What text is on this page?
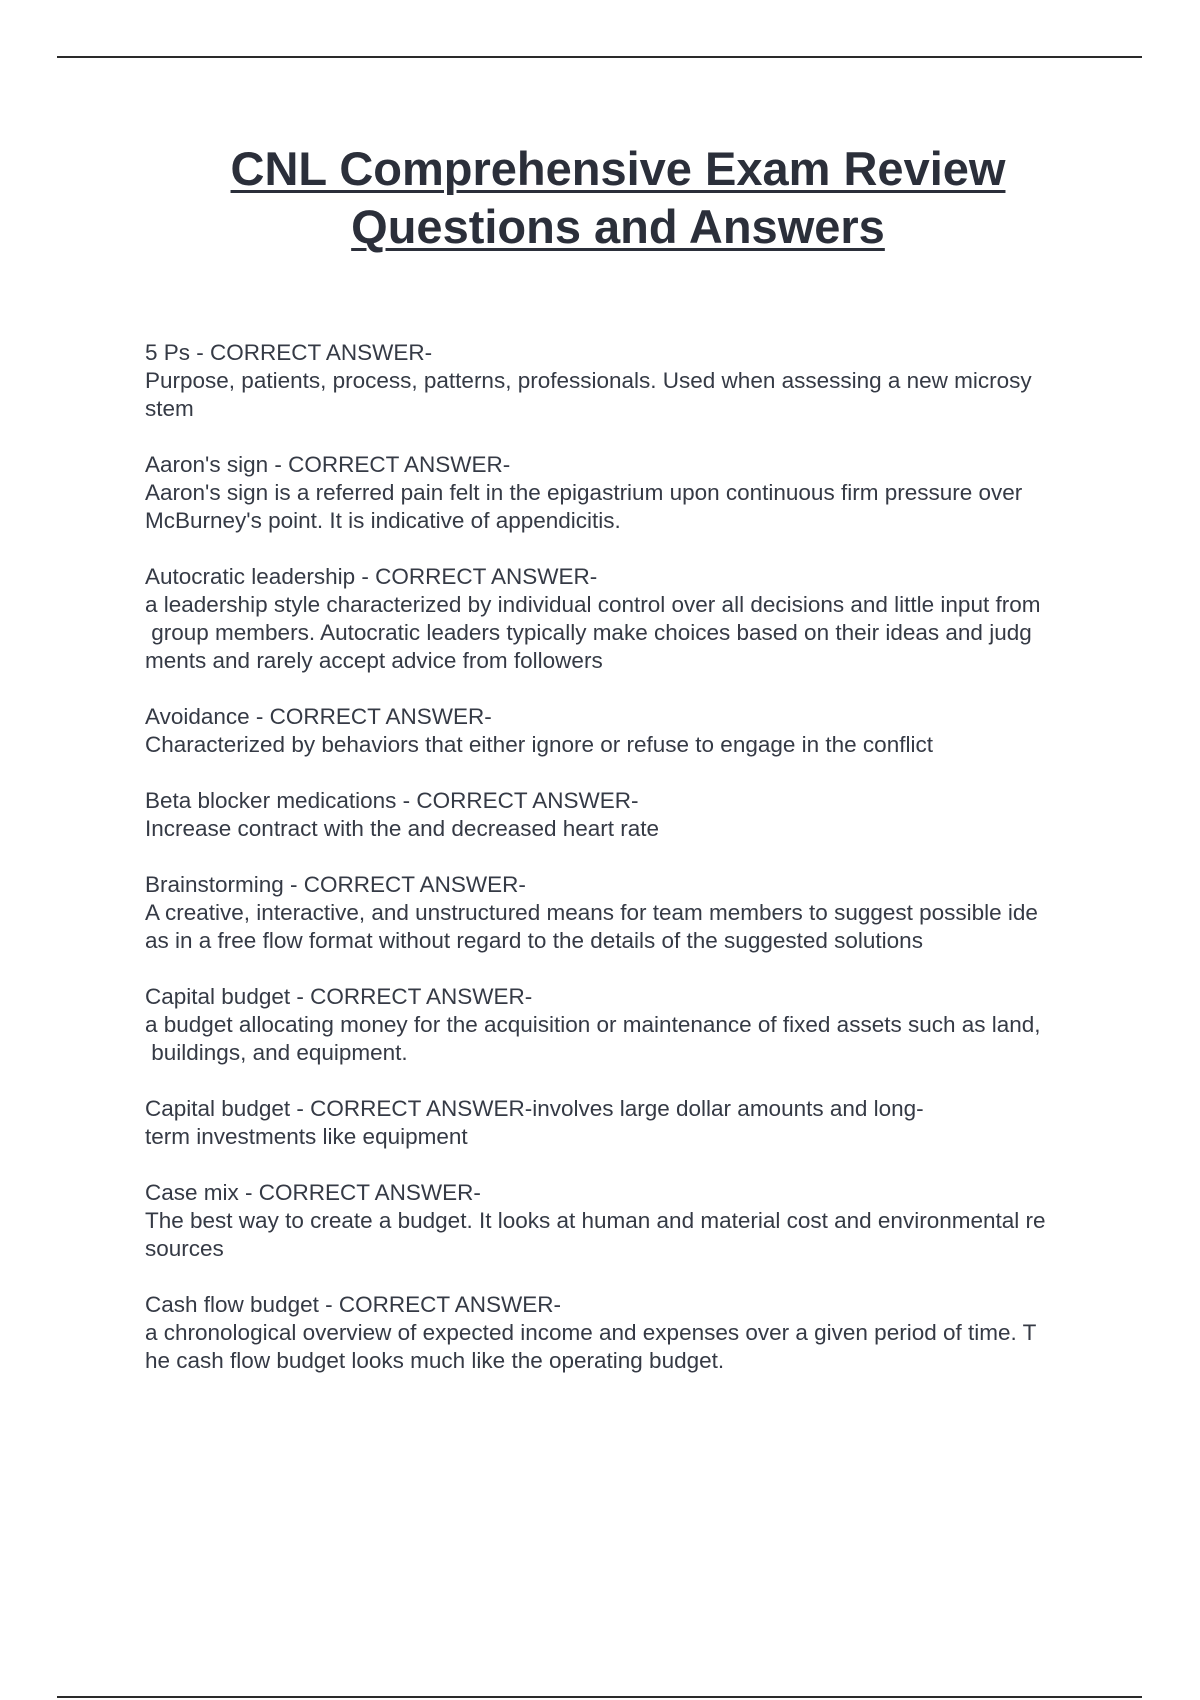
CNL Comprehensive Exam Review
Questions and Answers
5 Ps - CORRECT ANSWER-
Purpose, patients, process, patterns, professionals. Used when assessing a new microsy
stem
Aaron's sign - CORRECT ANSWER-
Aaron's sign is a referred pain felt in the epigastrium upon continuous firm pressure over
McBurney's point. It is indicative of appendicitis.
Autocratic leadership - CORRECT ANSWER-
a leadership style characterized by individual control over all decisions and little input from
group members. Autocratic leaders typically make choices based on their ideas and judg
ments and rarely accept advice from followers
Avoidance - CORRECT ANSWER-
Characterized by behaviors that either ignore or refuse to engage in the conflict
Beta blocker medications - CORRECT ANSWER-
Increase contract with the and decreased heart rate
Brainstorming - CORRECT ANSWER-
A creative, interactive, and unstructured means for team members to suggest possible ide
as in a free flow format without regard to the details of the suggested solutions
Capital budget - CORRECT ANSWER-
a budget allocating money for the acquisition or maintenance of fixed assets such as land,
buildings, and equipment.
Capital budget - CORRECT ANSWER-involves large dollar amounts and long-
term investments like equipment
Case mix - CORRECT ANSWER-
The best way to create a budget. It looks at human and material cost and environmental re
sources
Cash flow budget - CORRECT ANSWER-
a chronological overview of expected income and expenses over a given period of time. T
he cash flow budget looks much like the operating budget.
